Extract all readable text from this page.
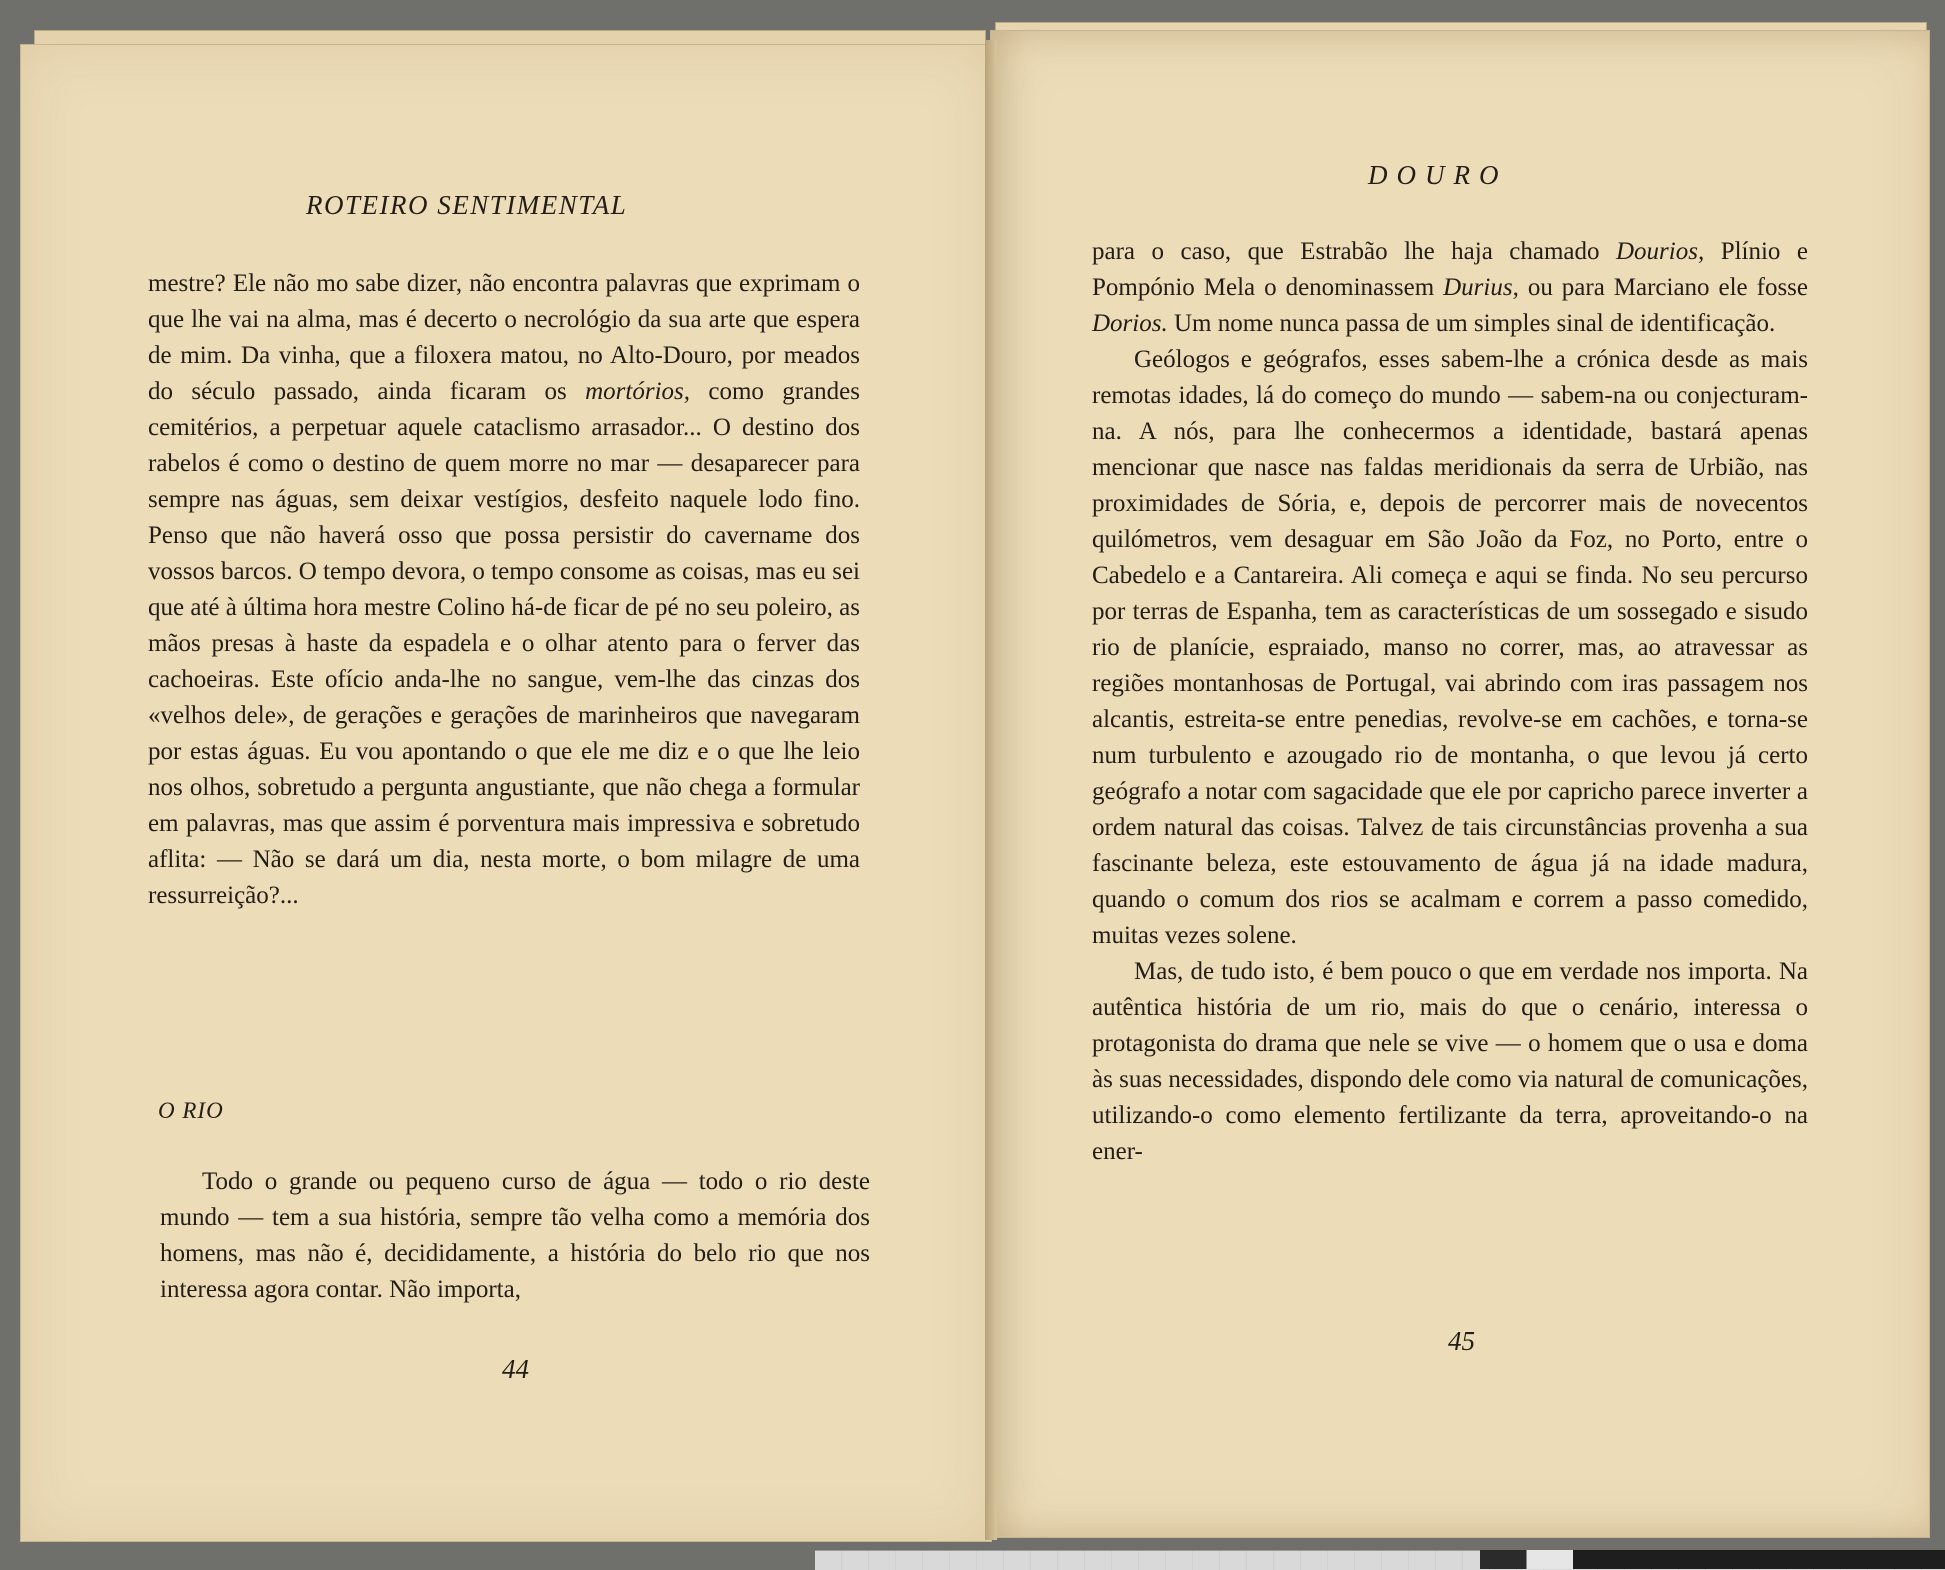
ROTEIRO SENTIMENTAL

mestre? Ele não mo sabe dizer, não encontra palavras que exprimam o que lhe vai na alma, mas é decerto o necrológio da sua arte que espera de mim. Da vinha, que a filoxera matou, no Alto-Douro, por meados do século passado, ainda ficaram os mortórios, como grandes cemitérios, a perpetuar aquele cataclismo arrasador... O destino dos rabelos é como o destino de quem morre no mar — desaparecer para sempre nas águas, sem deixar vestígios, desfeito naquele lodo fino. Penso que não haverá osso que possa persistir do cavername dos vossos barcos. O tempo devora, o tempo consome as coisas, mas eu sei que até à última hora mestre Colino há-de ficar de pé no seu poleiro, as mãos presas à haste da espadela e o olhar atento para o ferver das cachoeiras. Este ofício anda-lhe no sangue, vem-lhe das cinzas dos «velhos dele», de gerações e gerações de marinheiros que navegaram por estas águas. Eu vou apontando o que ele me diz e o que lhe leio nos olhos, sobretudo a pergunta angustiante, que não chega a formular em palavras, mas que assim é porventura mais impressiva e sobretudo aflita: — Não se dará um dia, nesta morte, o bom milagre de uma ressurreição?...

O RIO

Todo o grande ou pequeno curso de água — todo o rio deste mundo — tem a sua história, sempre tão velha como a memória dos homens, mas não é, decididamente, a história do belo rio que nos interessa agora contar. Não importa,

44
DOURO

para o caso, que Estrabão lhe haja chamado Dourios, Plínio e Pompónio Mela o denominassem Durius, ou para Marciano ele fosse Dorios. Um nome nunca passa de um simples sinal de identificação.

Geólogos e geógrafos, esses sabem-lhe a crónica desde as mais remotas idades, lá do começo do mundo — sabem-na ou conjecturam-na. A nós, para lhe conhecermos a identidade, bastará apenas mencionar que nasce nas faldas meridionais da serra de Urbião, nas proximidades de Sória, e, depois de percorrer mais de novecentos quilómetros, vem desaguar em São João da Foz, no Porto, entre o Cabedelo e a Cantareira. Ali começa e aqui se finda. No seu percurso por terras de Espanha, tem as características de um sossegado e sisudo rio de planície, espraiado, manso no correr, mas, ao atravessar as regiões montanhosas de Portugal, vai abrindo com iras passagem nos alcantis, estreita-se entre penedias, revolve-se em cachões, e torna-se num turbulento e azougado rio de montanha, o que levou já certo geógrafo a notar com sagacidade que ele por capricho parece inverter a ordem natural das coisas. Talvez de tais circunstâncias provenha a sua fascinante beleza, este estouvamento de água já na idade madura, quando o comum dos rios se acalmam e correm a passo comedido, muitas vezes solene.

Mas, de tudo isto, é bem pouco o que em verdade nos importa. Na autêntica história de um rio, mais do que o cenário, interessa o protagonista do drama que nele se vive — o homem que o usa e doma às suas necessidades, dispondo dele como via natural de comunicações, utilizando-o como elemento fertilizante da terra, aproveitando-o na ener-

45
